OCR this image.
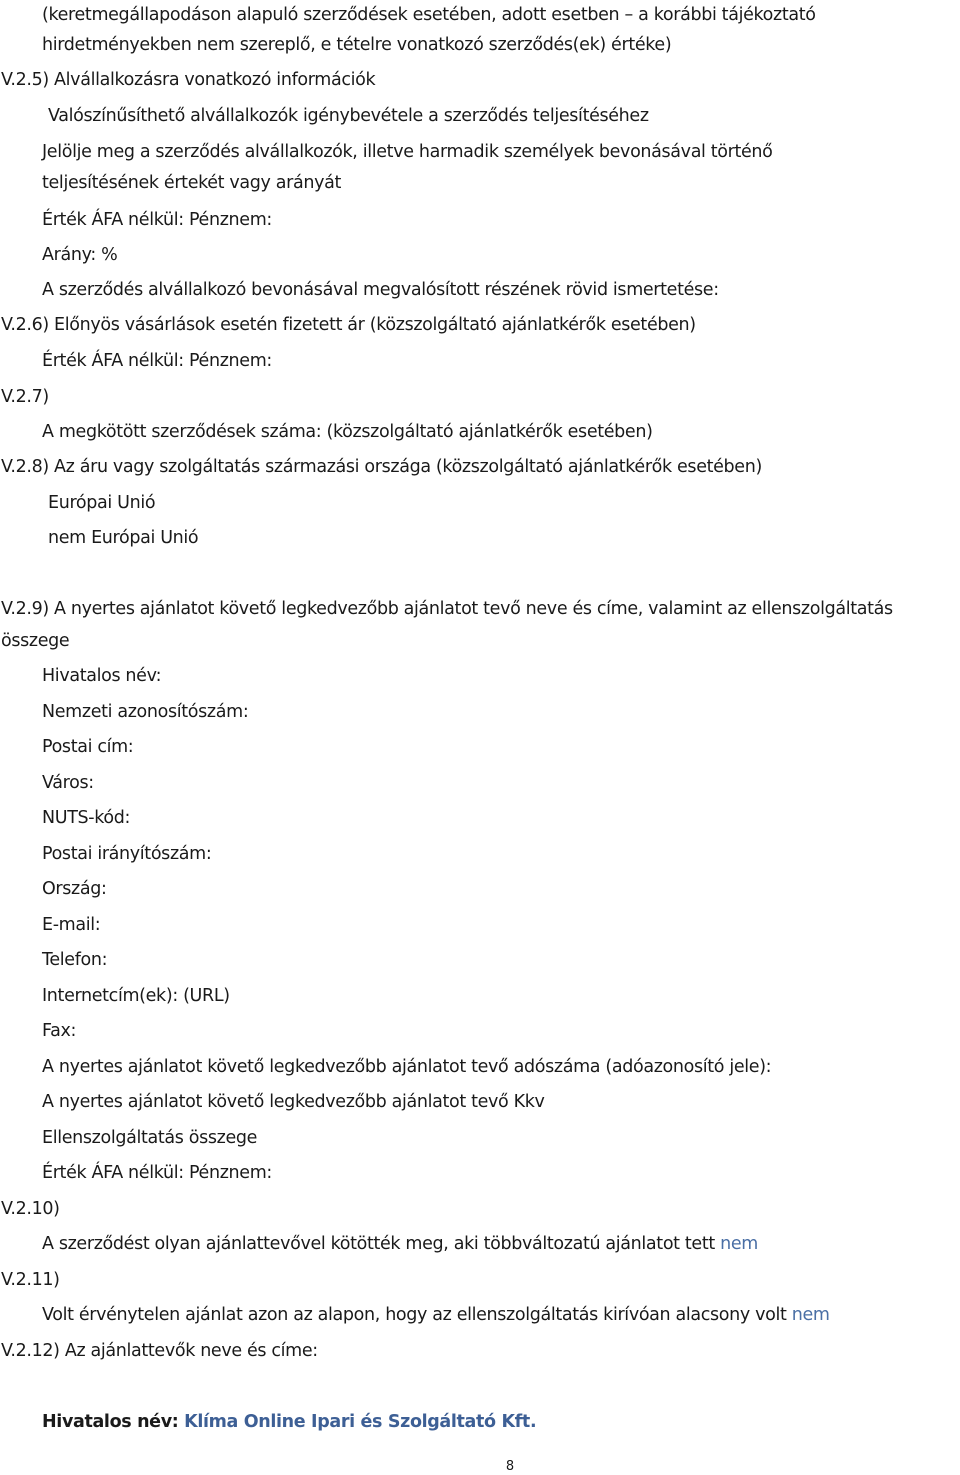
(keretmegállapodáson alapuló szerződések esetében, adott esetben – a korábbi tájékoztató
hirdetményekben nem szereplő, e tételre vonatkozó szerződés(ek) értéke)
V.2.5) Alvállalkozásra vonatkozó információk
Valószínűsíthető alvállalkozók igénybevétele a szerződés teljesítéséhez
Jelölje meg a szerződés alvállalkozók, illetve harmadik személyek bevonásával történő
teljesítésének értekét vagy arányát
Érték ÁFA nélkül: Pénznem:
Arány: %
A szerződés alvállalkozó bevonásával megvalósított részének rövid ismertetése:
V.2.6) Előnyös vásárlások esetén fizetett ár (közszolgáltató ajánlatkérők esetében)
Érték ÁFA nélkül: Pénznem:
V.2.7)
A megkötött szerződések száma: (közszolgáltató ajánlatkérők esetében)
V.2.8) Az áru vagy szolgáltatás származási országa (közszolgáltató ajánlatkérők esetében)
Európai Unió
nem Európai Unió
V.2.9) A nyertes ajánlatot követő legkedvezőbb ajánlatot tevő neve és címe, valamint az ellenszolgáltatás
összege
Hivatalos név:
Nemzeti azonosítószám:
Postai cím:
Város:
NUTS-kód:
Postai irányítószám:
Ország:
E-mail:
Telefon:
Internetcím(ek): (URL)
Fax:
A nyertes ajánlatot követő legkedvezőbb ajánlatot tevő adószáma (adóazonosító jele):
A nyertes ajánlatot követő legkedvezőbb ajánlatot tevő Kkv
Ellenszolgáltatás összege
Érték ÁFA nélkül: Pénznem:
V.2.10)
A szerződést olyan ajánlattevővel kötötték meg, aki többváltozatú ajánlatot tett nem
V.2.11)
Volt érvénytelen ajánlat azon az alapon, hogy az ellenszolgáltatás kirívóan alacsony volt nem
V.2.12) Az ajánlattevők neve és címe:
Hivatalos név: Klíma Online Ipari és Szolgáltató Kft.
8
